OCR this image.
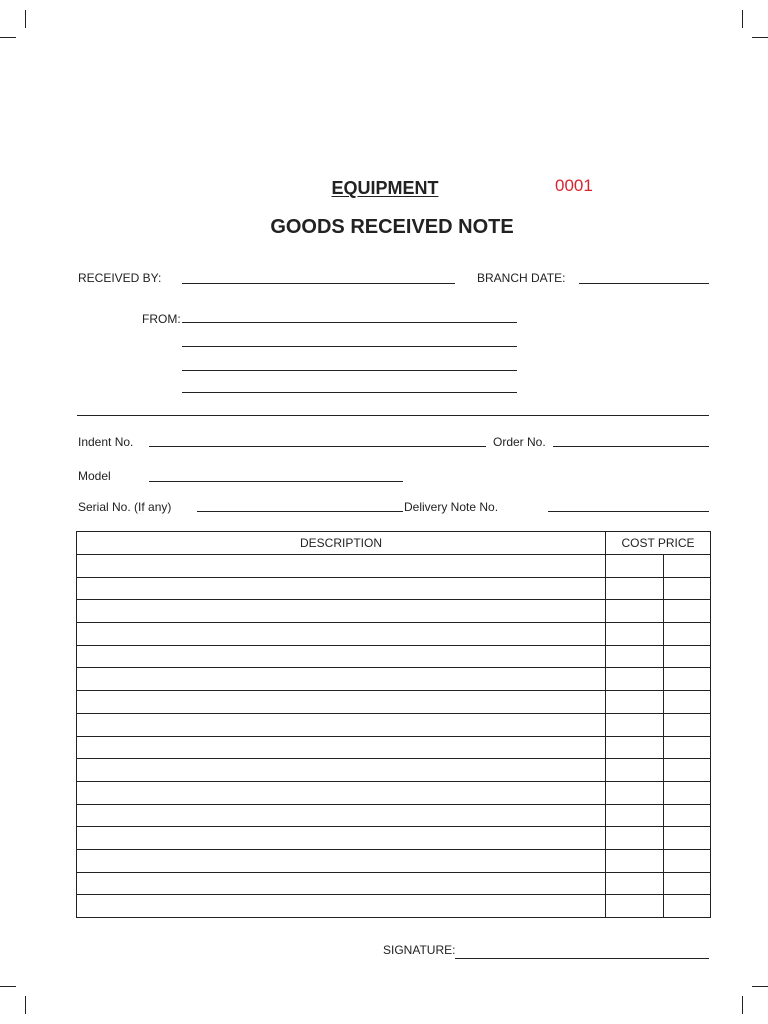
EQUIPMENT	0001
GOODS RECEIVED NOTE
RECEIVED BY:	BRANCH DATE:
FROM:
Indent No.	Order No.
Model
Serial No. (If any)	Delivery Note No.
DESCRIPTION	COST PRICE	

SIGNATURE:
